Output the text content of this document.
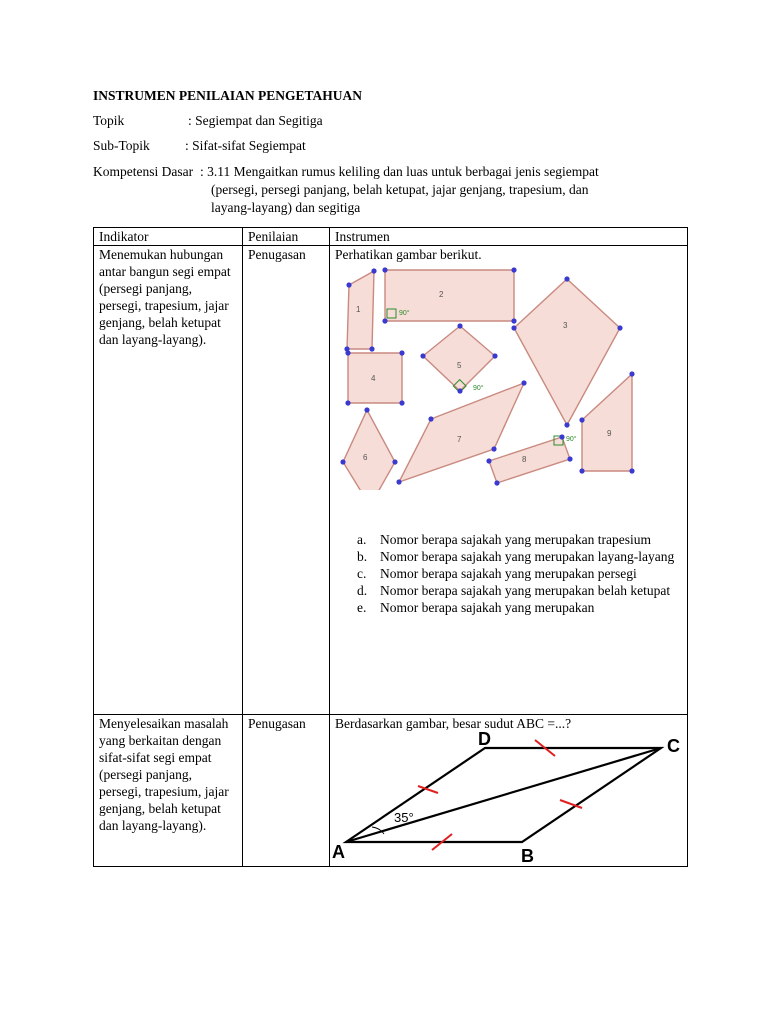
INSTRUMEN PENILAIAN PENGETAHUAN
Topik	: Segiempat dan Segitiga
Sub-Topik	: Sifat-sifat Segiempat
Kompetensi Dasar : 3.11 Mengaitkan rumus keliling dan luas untuk berbagai jenis segiempat
(persegi, persegi panjang, belah ketupat, jajar genjang, trapesium, dan
layang-layang) dan segitiga
Indikator	Penilaian	Instrumen
Menemukan hubungan antar bangun segi empat (persegi panjang, persegi, trapesium, jajar genjang, belah ketupat dan layang-layang).	Penugasan	Perhatikan gambar berikut.
Menyelesaikan masalah yang berkaitan dengan sifat-sifat segi empat (persegi panjang, persegi, trapesium, jajar genjang, belah ketupat dan layang-layang).	Penugasan	Berdasarkan gambar, besar sudut ABC =...?
90°
90°
90°
1
2
3
4
5
6
7
8
9
a.	Nomor berapa sajakah yang merupakan trapesium
b. Nomor berapa sajakah yang merupakan layang-layang
c.	Nomor berapa sajakah yang merupakan persegi
d. Nomor berapa sajakah yang merupakan belah ketupat
e.	Nomor berapa sajakah yang merupakan
35°
A	B
C
D
